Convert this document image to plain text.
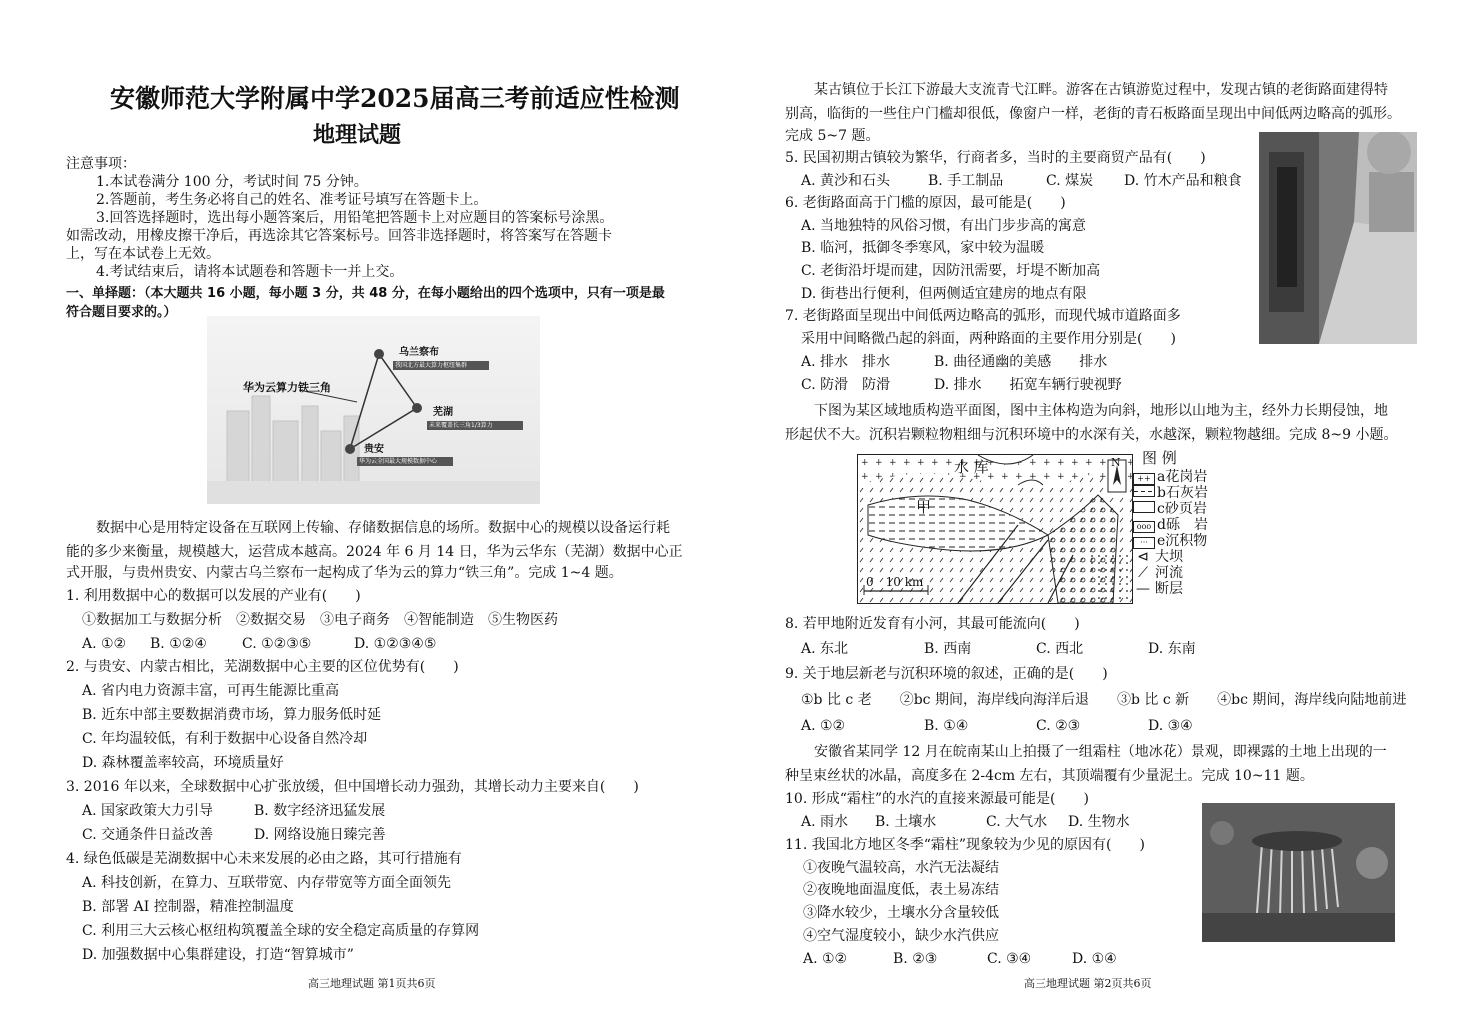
安徽师范大学附属中学2025届高三考前适应性检测
地理试题
注意事项：
1.本试卷满分 100 分，考试时间 75 分钟。
2.答题前，考生务必将自己的姓名、准考证号填写在答题卡上。
3.回答选择题时，选出每小题答案后，用铅笔把答题卡上对应题目的答案标号涂黑。
如需改动，用橡皮擦干净后，再选涂其它答案标号。回答非选择题时，将答案写在答题卡
上，写在本试卷上无效。
4.考试结束后，请将本试题卷和答题卡一并上交。
一、单择题：（本大题共 16 小题，每小题 3 分，共 48 分，在每小题给出的四个选项中，只有一项是最
符合题目要求的。）
华为云算力铁三角
乌兰察布
我国北方最大算力枢纽集群
芜湖
未来覆盖长三角1/3算力
贵安
华为云全国最大规模数据中心
数据中心是用特定设备在互联网上传输、存储数据信息的场所。数据中心的规模以设备运行耗
能的多少来衡量，规模越大，运营成本越高。2024 年 6 月 14 日，华为云华东（芜湖）数据中心正
式开服，与贵州贵安、内蒙古乌兰察布一起构成了华为云的算力“铁三角”。完成 1~4 题。
1. 利用数据中心的数据可以发展的产业有(　　)
①数据加工与数据分析　②数据交易　③电子商务　④智能制造　⑤生物医药
A. ①② B. ①②④	C. ①②③⑤	D. ①②③④⑤
2. 与贵安、内蒙古相比，芜湖数据中心主要的区位优势有(　　)
A. 省内电力资源丰富，可再生能源比重高
B. 近东中部主要数据消费市场，算力服务低时延
C. 年均温较低，有利于数据中心设备自然冷却
D. 森林覆盖率较高，环境质量好
3. 2016 年以来，全球数据中心扩张放缓，但中国增长动力强劲，其增长动力主要来自(　　)
A. 国家政策大力引导	B. 数字经济迅猛发展
C. 交通条件日益改善	D. 网络设施日臻完善
4. 绿色低碳是芜湖数据中心未来发展的必由之路，其可行措施有
A. 科技创新，在算力、互联带宽、内存带宽等方面全面领先
B. 部署 AI 控制器，精准控制温度
C. 利用三大云核心枢纽构筑覆盖全球的安全稳定高质量的存算网
D. 加强数据中心集群建设，打造“智算城市”
高三地理试题 第1页共6页
某古镇位于长江下游最大支流青弋江畔。游客在古镇游览过程中，发现古镇的老街路面建得特
别高，临街的一些住户门槛却很低，像窗户一样，老街的青石板路面呈现出中间低两边略高的弧形。
完成 5~7 题。
5. 民国初期古镇较为繁华，行商者多，当时的主要商贸产品有(　　)
A. 黄沙和石头	B. 手工制品	C. 煤炭 D. 竹木产品和粮食
6. 老街路面高于门槛的原因，最可能是(　　)
A. 当地独特的风俗习惯，有出门步步高的寓意
B. 临河，抵御冬季寒风，家中较为温暖
C. 老街沿圩堤而建，因防汛需要，圩堤不断加高
D. 街巷出行便利，但两侧适宜建房的地点有限
7. 老街路面呈现出中间低两边略高的弧形，而现代城市道路面多
采用中间略微凸起的斜面，两种路面的主要作用分别是(　　)
A. 排水　排水	B. 曲径通幽的美感　　排水
C. 防滑　防滑	D. 排水　　拓宽车辆行驶视野
下图为某区域地质构造平面图，图中主体构造为向斜，地形以山地为主，经外力长期侵蚀，地
形起伏不大。沉积岩颗粒物粗细与沉积环境中的水深有关，水越深，颗粒物越细。完成 8~9 小题。
水 库
甲
N
0　10 km
图 例
++ a花岗岩
b石灰岩
c砂页岩
ooo d砾　岩
··· e沉积物
⊲ 大坝
⟋ 河流
— 断层
8. 若甲地附近发育有小河，其最可能流向(　　)
A. 东北	B. 西南	C. 西北	D. 东南
9. 关于地层新老与沉积环境的叙述，正确的是(　　)
①b 比 c 老　　②bc 期间，海岸线向海洋后退　　③b 比 c 新　　④bc 期间，海岸线向陆地前进
A. ①②	B. ①④	C. ②③	D. ③④
安徽省某同学 12 月在皖南某山上拍摄了一组霜柱（地冰花）景观，即裸露的土地上出现的一
种呈束丝状的冰晶，高度多在 2-4cm 左右，其顶端覆有少量泥土。完成 10~11 题。
10. 形成“霜柱”的水汽的直接来源最可能是(　　)
A. 雨水 B. 土壤水	C. 大气水 D. 生物水
11. 我国北方地区冬季“霜柱”现象较为少见的原因有(　　)
①夜晚气温较高，水汽无法凝结
②夜晚地面温度低，表土易冻结
③降水较少，土壤水分含量较低
④空气湿度较小，缺少水汽供应
A. ①②	B. ②③	C. ③④	D. ①④
高三地理试题 第2页共6页
